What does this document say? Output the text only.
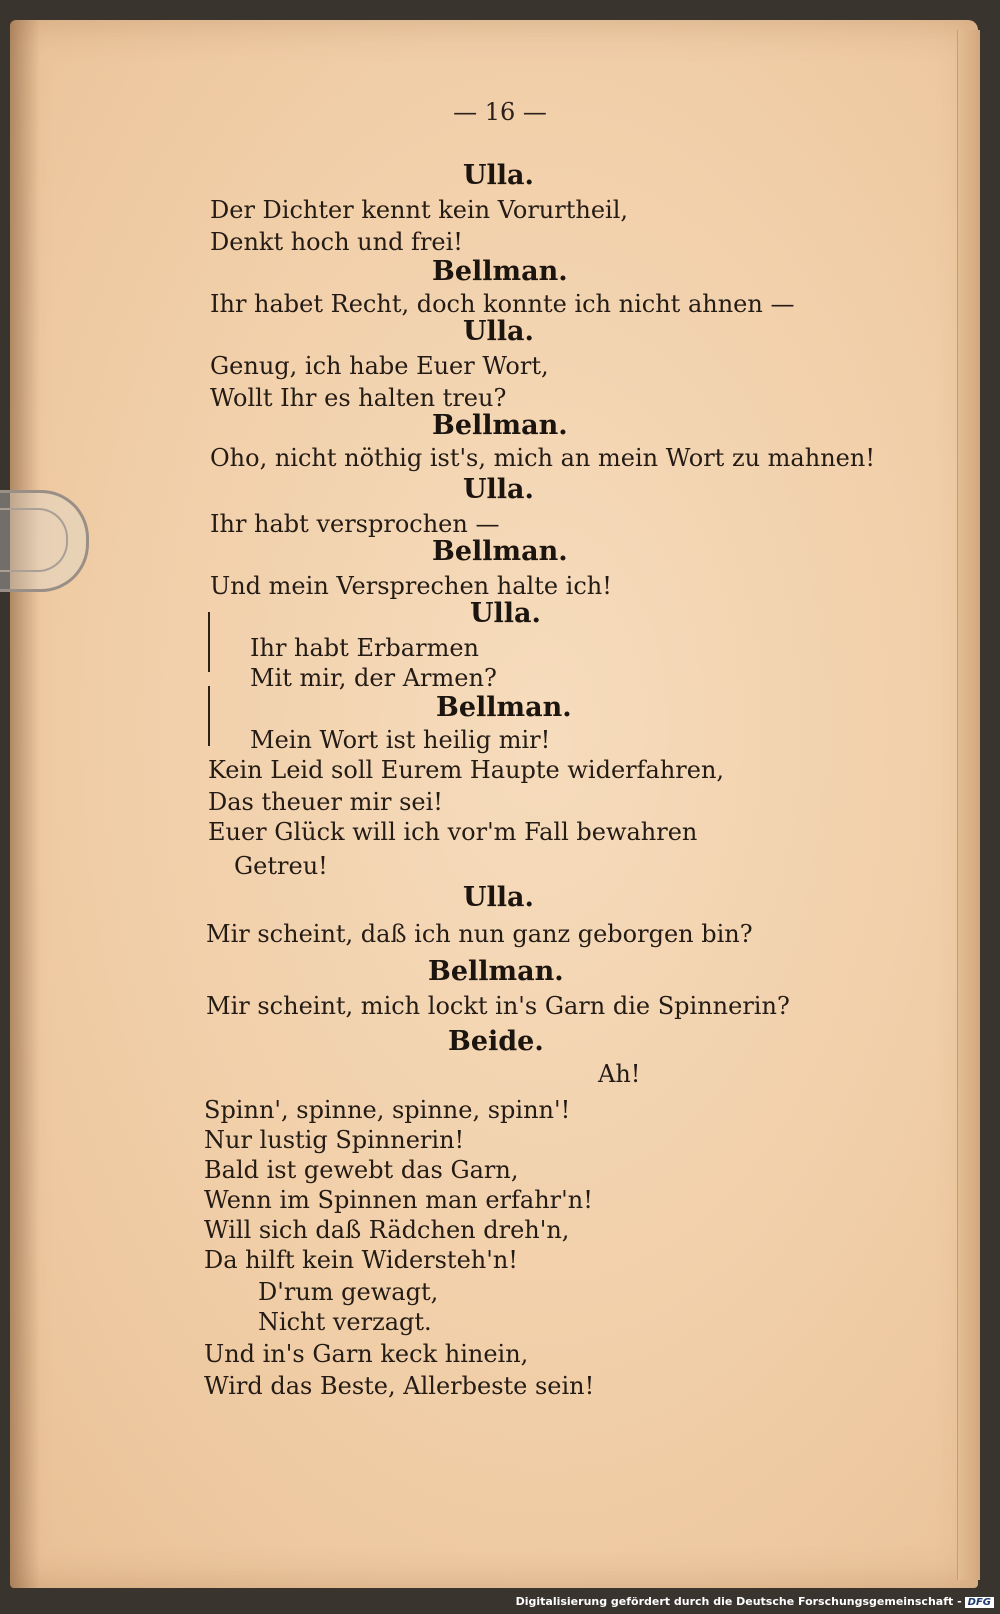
— 16 —
Ulla.
Der Dichter kennt kein Vorurtheil,
Denkt hoch und frei!
Bellman.
Ihr habet Recht, doch konnte ich nicht ahnen —
Ulla.
Genug, ich habe Euer Wort,
Wollt Ihr es halten treu?
Bellman.
Oho, nicht nöthig ist's, mich an mein Wort zu mahnen!
Ulla.
Ihr habt versprochen —
Bellman.
Und mein Versprechen halte ich!
Ulla.
Ihr habt Erbarmen
Mit mir, der Armen?
Bellman.
Mein Wort ist heilig mir!
Kein Leid soll Eurem Haupte widerfahren,
Das theuer mir sei!
Euer Glück will ich vor'm Fall bewahren
Getreu!
Ulla.
Mir scheint, daß ich nun ganz geborgen bin?
Bellman.
Mir scheint, mich lockt in's Garn die Spinnerin?
Beide.
Ah!
Spinn', spinne, spinne, spinn'!
Nur lustig Spinnerin!
Bald ist gewebt das Garn,
Wenn im Spinnen man erfahr'n!
Will sich daß Rädchen dreh'n,
Da hilft kein Widersteh'n!
D'rum gewagt,
Nicht verzagt.
Und in's Garn keck hinein,
Wird das Beste, Allerbeste sein!
Digitalisierung gefördert durch die Deutsche Forschungsgemeinschaft - DFG
